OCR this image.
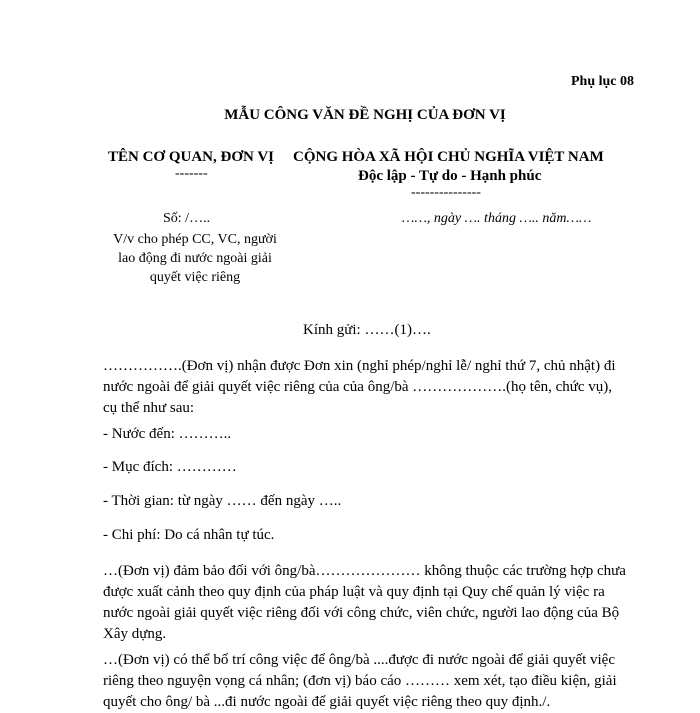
Phụ lục 08
MẪU CÔNG VĂN ĐỀ NGHỊ CỦA ĐƠN VỊ
TÊN CƠ QUAN, ĐƠN VỊ
-------
CỘNG HÒA XÃ HỘI CHỦ NGHĨA VIỆT NAM
Độc lập - Tự do - Hạnh phúc
---------------
Số: /…..	……, ngày …. tháng ….. năm……
V/v cho phép CC, VC, người
lao động đi nước ngoài giải
quyết việc riêng
Kính gửi: ……(1)….
…………….(Đơn vị) nhận được Đơn xin (nghỉ phép/nghỉ lễ/ nghỉ thứ 7, chủ nhật) đi
nước ngoài để giải quyết việc riêng của của ông/bà ……………….(họ tên, chức vụ),
cụ thể như sau:
- Nước đến: ………..
- Mục đích: …………
- Thời gian: từ ngày …… đến ngày …..
- Chi phí: Do cá nhân tự túc.
…(Đơn vị) đảm bảo đối với ông/bà………………… không thuộc các trường hợp chưa
được xuất cảnh theo quy định của pháp luật và quy định tại Quy chế quản lý việc ra
nước ngoài giải quyết việc riêng đối với công chức, viên chức, người lao động của Bộ
Xây dựng.
…(Đơn vị) có thể bố trí công việc để ông/bà ....được đi nước ngoài để giải quyết việc
riêng theo nguyện vọng cá nhân; (đơn vị) báo cáo ……… xem xét, tạo điều kiện, giải
quyết cho ông/ bà ...đi nước ngoài để giải quyết việc riêng theo quy định./.
